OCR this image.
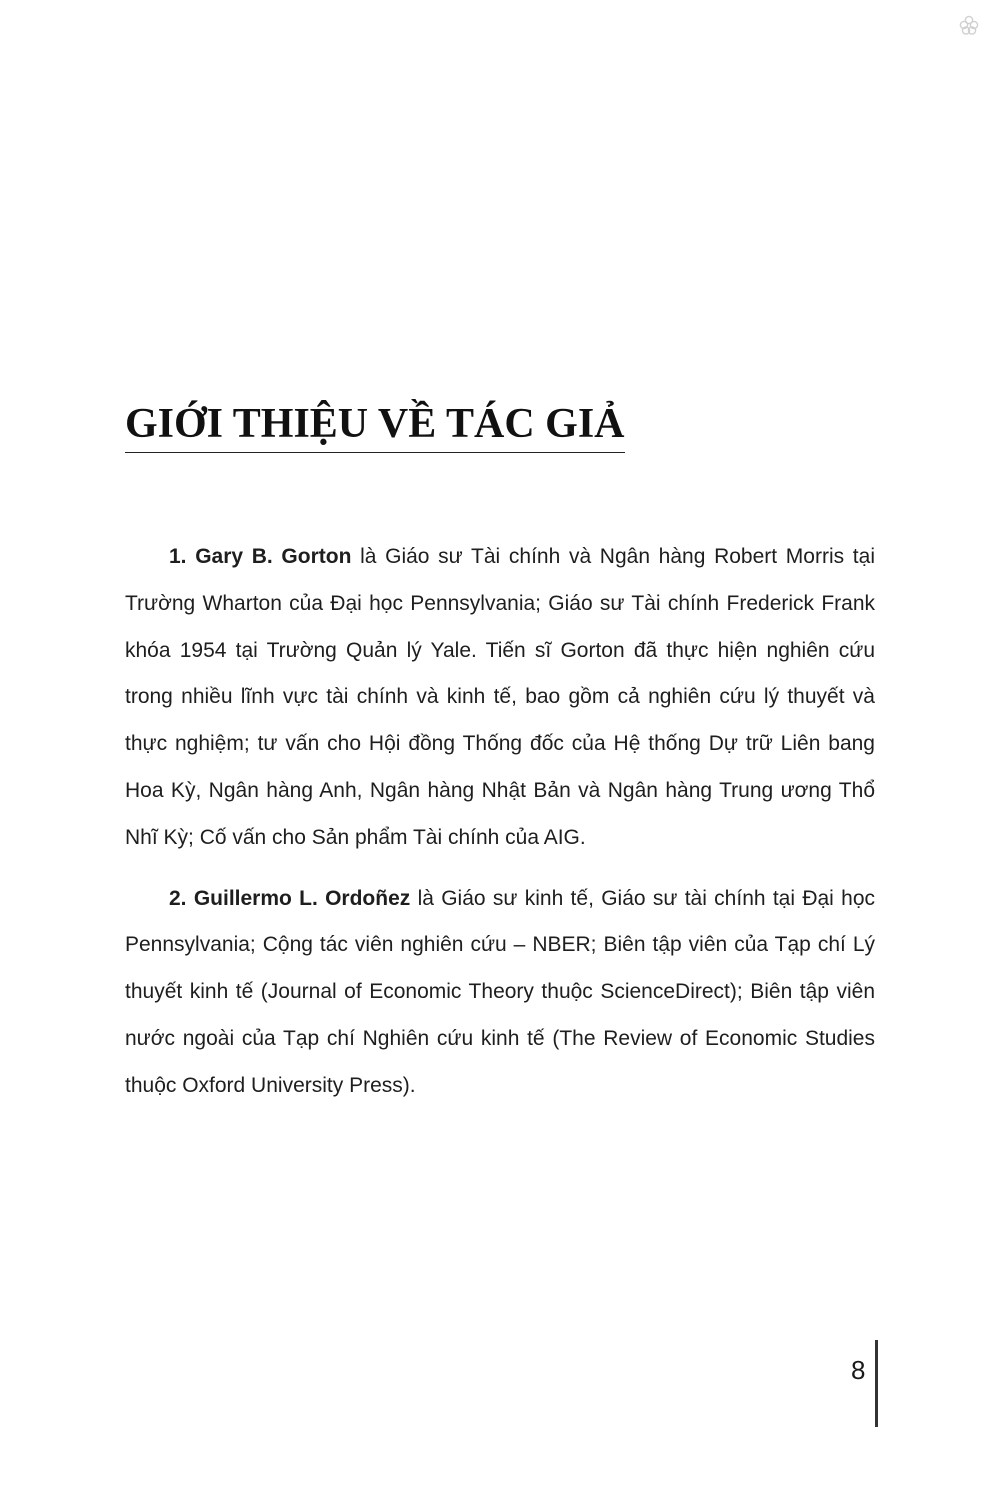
GIỚI THIỆU VỀ TÁC GIẢ

1. Gary B. Gorton là Giáo sư Tài chính và Ngân hàng Robert Morris tại Trường Wharton của Đại học Pennsylvania; Giáo sư Tài chính Frederick Frank khóa 1954 tại Trường Quản lý Yale. Tiến sĩ Gorton đã thực hiện nghiên cứu trong nhiều lĩnh vực tài chính và kinh tế, bao gồm cả nghiên cứu lý thuyết và thực nghiệm; tư vấn cho Hội đồng Thống đốc của Hệ thống Dự trữ Liên bang Hoa Kỳ, Ngân hàng Anh, Ngân hàng Nhật Bản và Ngân hàng Trung ương Thổ Nhĩ Kỳ; Cố vấn cho Sản phẩm Tài chính của AIG.

2. Guillermo L. Ordoñez là Giáo sư kinh tế, Giáo sư tài chính tại Đại học Pennsylvania; Cộng tác viên nghiên cứu – NBER; Biên tập viên của Tạp chí Lý thuyết kinh tế (Journal of Economic Theory thuộc ScienceDirect); Biên tập viên nước ngoài của Tạp chí Nghiên cứu kinh tế (The Review of Economic Studies thuộc Oxford University Press).

8
